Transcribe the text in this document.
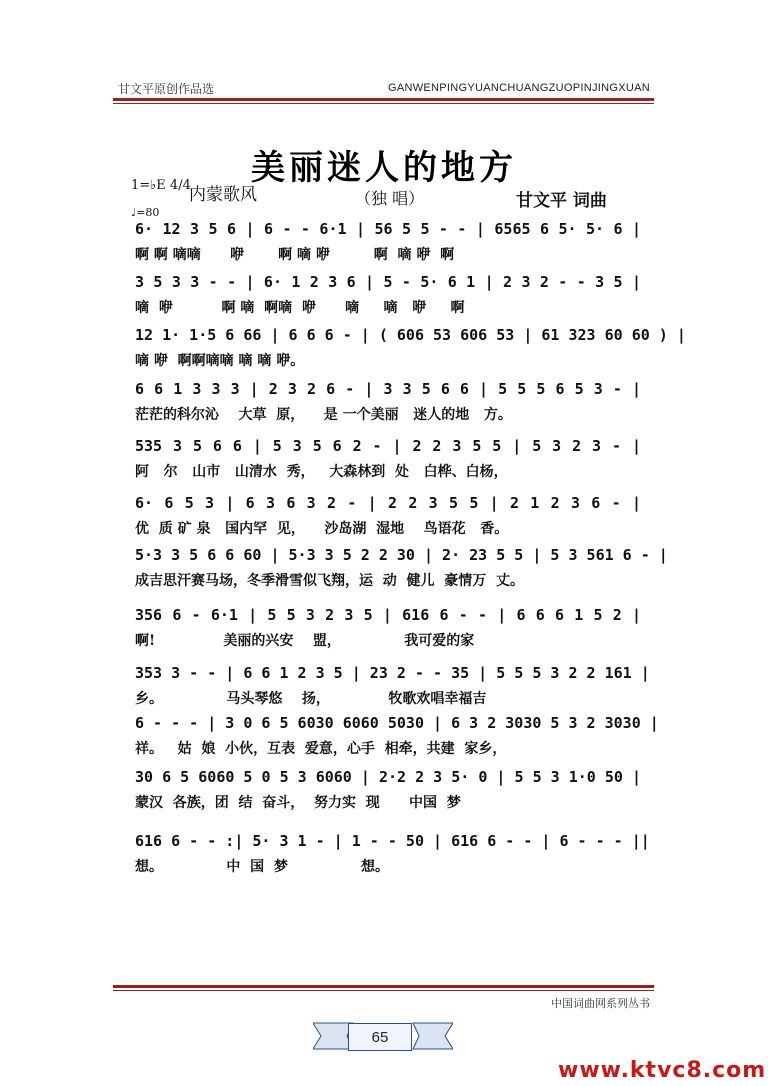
甘文平原创作品选	GANWENPINGYUANCHUANGZUOPINJINGXUAN
美丽迷人的地方
1=♭E 4/4
♩=80
内蒙歌风	（独 唱）	甘文平 词曲
6· 12 3 5 6 | 6 - - 6·1 | 56 5 5 - - | 6565 6 5· 5· 6 |
啊 啊 嘀嘀      咿       啊 嘀 咿         啊  嘀 咿  啊
3 5 3 3 - - | 6· 1 2 3 6 | 5 - 5· 6 1 | 2 3 2 - - 3 5 |
嘀  咿          啊 嘀  啊嘀  咿      嘀     嘀   咿     啊
12 1· 1·5 6 66 | 6 6 6 - | ( 606 53 606 53 | 61 323 60 60 ) |
嘀 咿  啊啊嘀嘀 嘀 嘀 咿。
6 6 1 3 3 3 | 2 3 2 6 - | 3 3 5 6 6 | 5 5 5 6 5 3 - |
茫茫的科尔沁    大草  原，    是 一个美丽   迷人的地   方。
535 3 5 6 6 | 5 3 5 6 2 - | 2 2 3 5 5 | 5 3 2 3 - |
阿   尔   山市   山清水  秀，   大森林到  处   白桦、白杨，
6· 6 5 3 | 6 3 6 3 2 - | 2 2 3 5 5 | 2 1 2 3 6 - |
优  质 矿 泉   国内罕  见，    沙岛湖  湿地    鸟语花   香。
5·3 3 5 6 6 60 | 5·3 3 5 2 2 30 | 2· 23 5 5 | 5 3 561 6 - |
成吉思汗赛马场，冬季滑雪似飞翔，运  动  健儿  豪情万  丈。
356 6 - 6·1 | 5 5 3 2 3 5 | 616 6 - - | 6 6 6 1 5 2 |
啊!              美丽的兴安    盟，             我可爱的家
353 3 - - | 6 6 1 2 3 5 | 23 2 - - 35 | 5 5 5 3 2 2 161 |
乡。             马头琴悠    扬，            牧歌欢唱幸福吉
6 - - - | 3 0 6 5 6030 6060 5030 | 6 3 2 3030 5 3 2 3030 |
祥。   姑  娘  小伙，互表  爱意，心手  相牵，共建  家乡，
30 6 5 6060 5 0 5 3 6060 | 2·2 2 3 5· 0 | 5 5 3 1·0 50 |
蒙汉  各族，团  结  奋斗，  努力实  现      中国  梦
616 6 - - :| 5· 3 1 - | 1 - - 50 | 616 6 - - | 6 - - - ||
想。             中  国  梦               想。
中国词曲网系列丛书
65
www.ktvc8.com
